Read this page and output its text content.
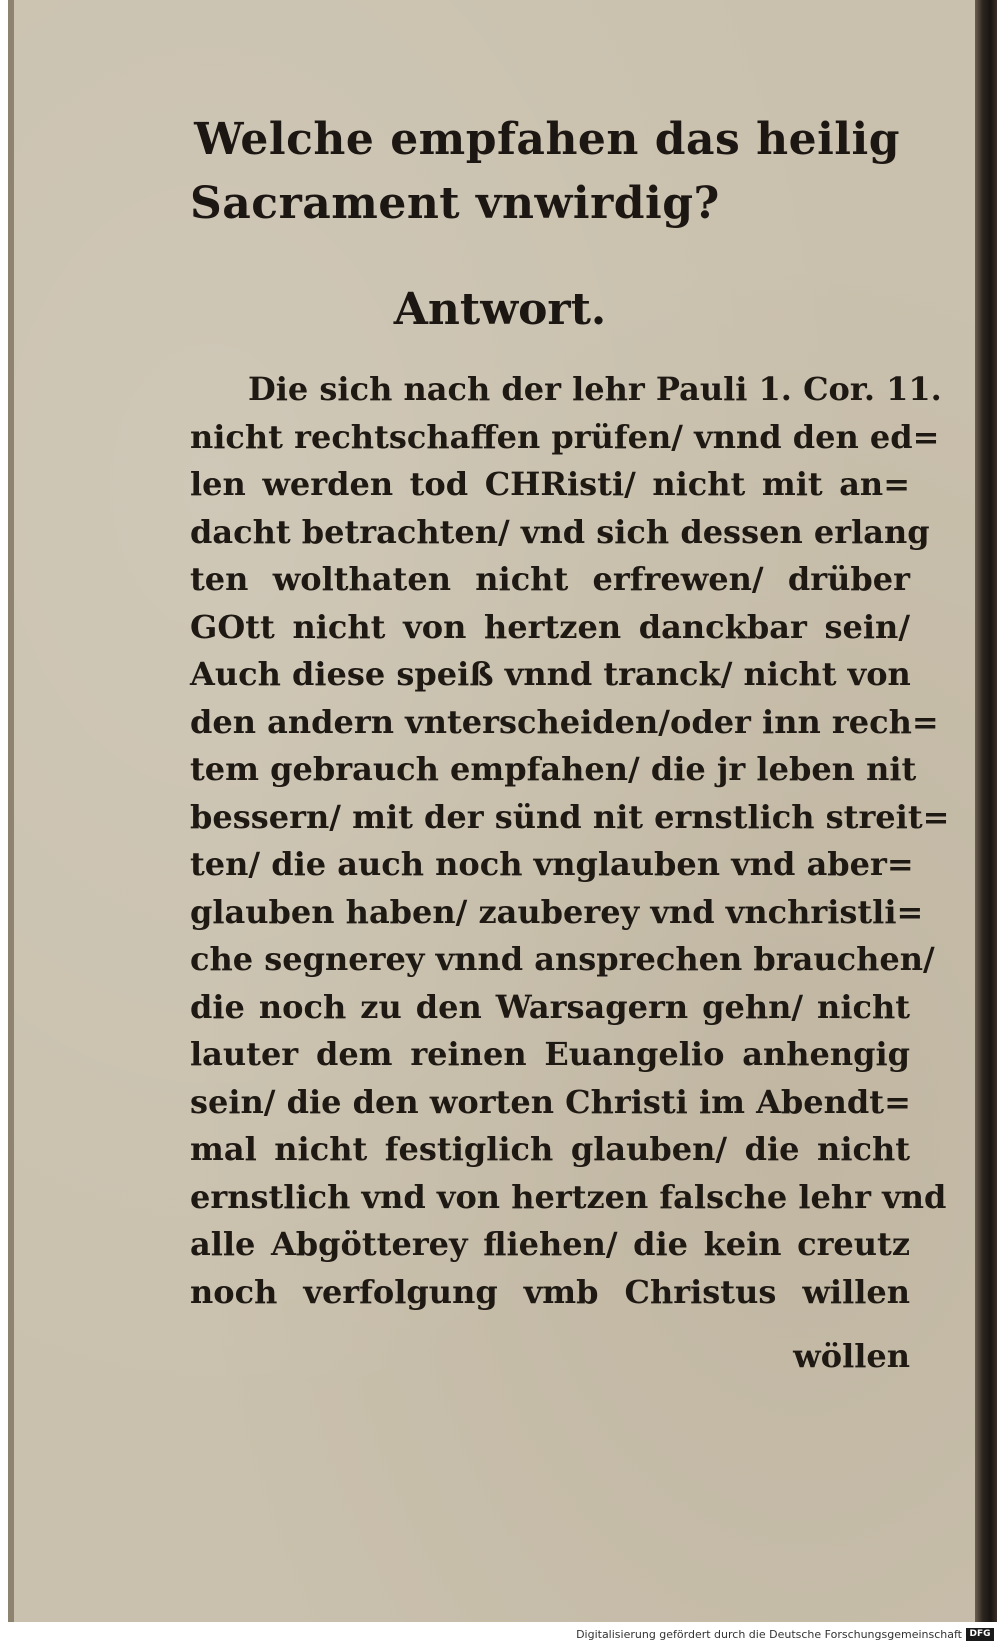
Welche empfahen das heilig
Sacrament vnwirdig?
Antwort.
Die sich nach der lehr Pauli 1. Cor. 11.
nicht rechtschaffen prüfen/ vnnd den ed=
len werden tod CHRisti/ nicht mit an=
dacht betrachten/ vnd sich dessen erlang
ten wolthaten nicht erfrewen/ drüber
GOtt nicht von hertzen danckbar sein/
Auch diese speiß vnnd tranck/ nicht von
den andern vnterscheiden/oder inn rech=
tem gebrauch empfahen/ die jr leben nit
bessern/ mit der sünd nit ernstlich streit=
ten/ die auch noch vnglauben vnd aber=
glauben haben/ zauberey vnd vnchristli=
che segnerey vnnd ansprechen brauchen/
die noch zu den Warsagern gehn/ nicht
lauter dem reinen Euangelio anhengig
sein/ die den worten Christi im Abendt=
mal nicht festiglich glauben/ die nicht
ernstlich vnd von hertzen falsche lehr vnd
alle Abgötterey fliehen/ die kein creutz
noch verfolgung vmb Christus willen
wöllen
Digitalisierung gefördert durch die Deutsche Forschungsgemeinschaft DFG
